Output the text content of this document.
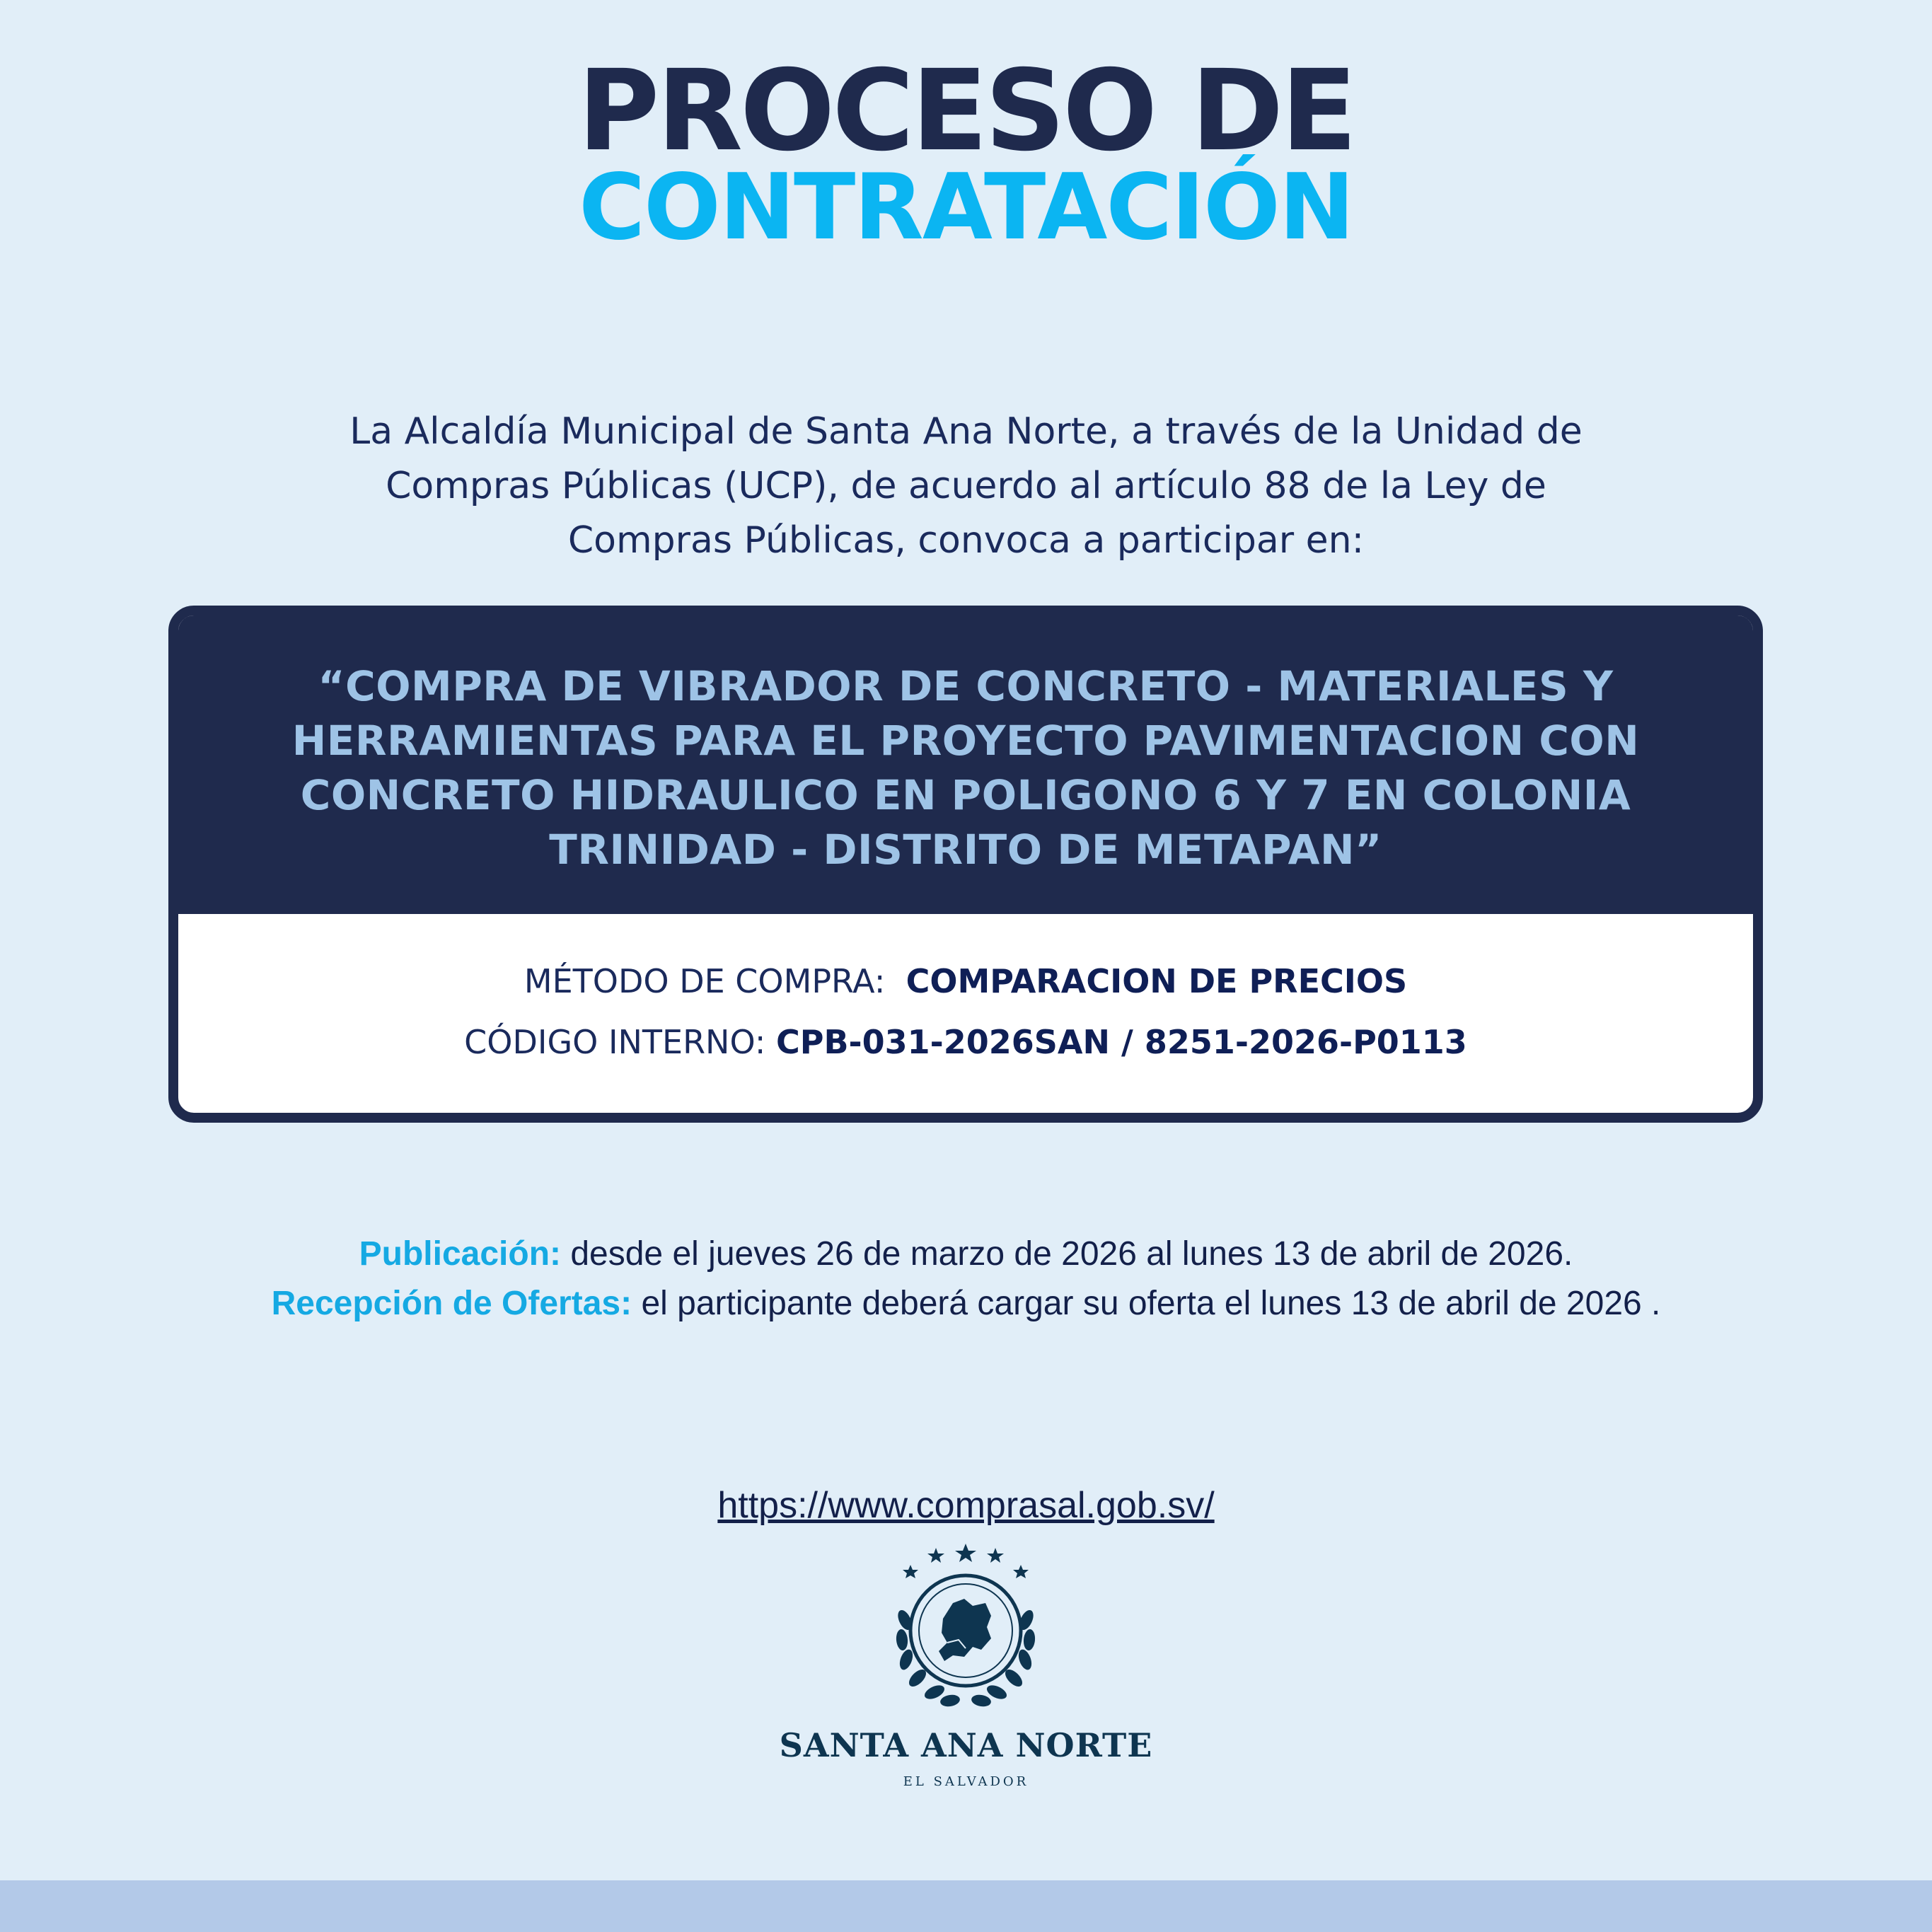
PROCESO DE
CONTRATACIÓN
La Alcaldía Municipal de Santa Ana Norte, a través de la Unidad de
Compras Públicas (UCP), de acuerdo al artículo 88 de la Ley de
Compras Públicas, convoca a participar en:
“COMPRA DE VIBRADOR DE CONCRETO - MATERIALES Y
HERRAMIENTAS PARA EL PROYECTO PAVIMENTACION CON
CONCRETO HIDRAULICO EN POLIGONO 6 Y 7 EN COLONIA
TRINIDAD - DISTRITO DE METAPAN”
MÉTODO DE COMPRA: COMPARACION DE PRECIOS
CÓDIGO INTERNO: CPB-031-2026SAN / 8251-2026-P0113
Publicación: desde el jueves 26 de marzo de 2026 al lunes 13 de abril de 2026.
Recepción de Ofertas: el participante deberá cargar su oferta el lunes 13 de abril de 2026 .
https://www.comprasal.gob.sv/
SANTA ANA NORTE
EL SALVADOR
